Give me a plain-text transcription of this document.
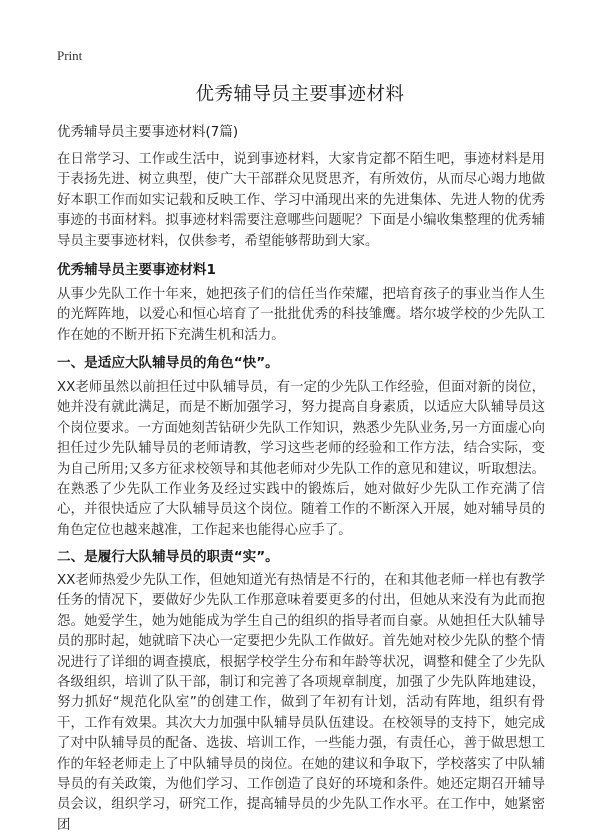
Print
优秀辅导员主要事迹材料
优秀辅导员主要事迹材料(7篇)

在日常学习、工作或生活中，说到事迹材料，大家肯定都不陌生吧，事迹材料是用于表扬先进、树立典型，使广大干部群众见贤思齐，有所效仿，从而尽心竭力地做好本职工作而如实记载和反映工作、学习中涌现出来的先进集体、先进人物的优秀事迹的书面材料。拟事迹材料需要注意哪些问题呢？下面是小编收集整理的优秀辅导员主要事迹材料，仅供参考，希望能够帮助到大家。

优秀辅导员主要事迹材料1

从事少先队工作十年来，她把孩子们的信任当作荣耀，把培育孩子的事业当作人生的光辉阵地，以爱心和恒心培育了一批批优秀的科技雏鹰。塔尔坡学校的少先队工作在她的不断开拓下充满生机和活力。

一、是适应大队辅导员的角色“快”。

XX老师虽然以前担任过中队辅导员，有一定的少先队工作经验，但面对新的岗位，她并没有就此满足，而是不断加强学习，努力提高自身素质，以适应大队辅导员这个岗位要求。一方面她刻苦钻研少先队工作知识，熟悉少先队业务,另一方面虚心向担任过少先队辅导员的老师请教，学习这些老师的经验和工作方法，结合实际，变为自己所用;又多方征求校领导和其他老师对少先队工作的意见和建议，听取想法。在熟悉了少先队工作业务及经过实践中的锻炼后，她对做好少先队工作充满了信心，并很快适应了大队辅导员这个岗位。随着工作的不断深入开展，她对辅导员的角色定位也越来越准，工作起来也能得心应手了。

二、是履行大队辅导员的职责“实”。

XX老师热爱少先队工作，但她知道光有热情是不行的，在和其他老师一样也有教学任务的情况下，要做好少先队工作那意味着要更多的付出，但她从来没有为此而抱怨。她爱学生，她为她能成为学生自己的组织的指导者而自豪。从她担任大队辅导员的那时起，她就暗下决心一定要把少先队工作做好。首先她对校少先队的整个情况进行了详细的调查摸底，根据学校学生分布和年龄等状况，调整和健全了少先队各级组织，培训了队干部，制订和完善了各项规章制度，加强了少先队阵地建设，努力抓好“规范化队室”的创建工作，做到了年初有计划，活动有阵地，组织有骨干，工作有效果。其次大力加强中队辅导员队伍建设。在校领导的支持下，她完成了对中队辅导员的配备、选拔、培训工作，一些能力强，有责任心，善于做思想工作的年轻老师走上了中队辅导员的岗位。在她的建议和争取下，学校落实了中队辅导员的有关政策，为他们学习、工作创造了良好的环境和条件。她还定期召开辅导员会议，组织学习，研究工作，提高辅导员的少先队工作水平。在工作中，她紧密团
